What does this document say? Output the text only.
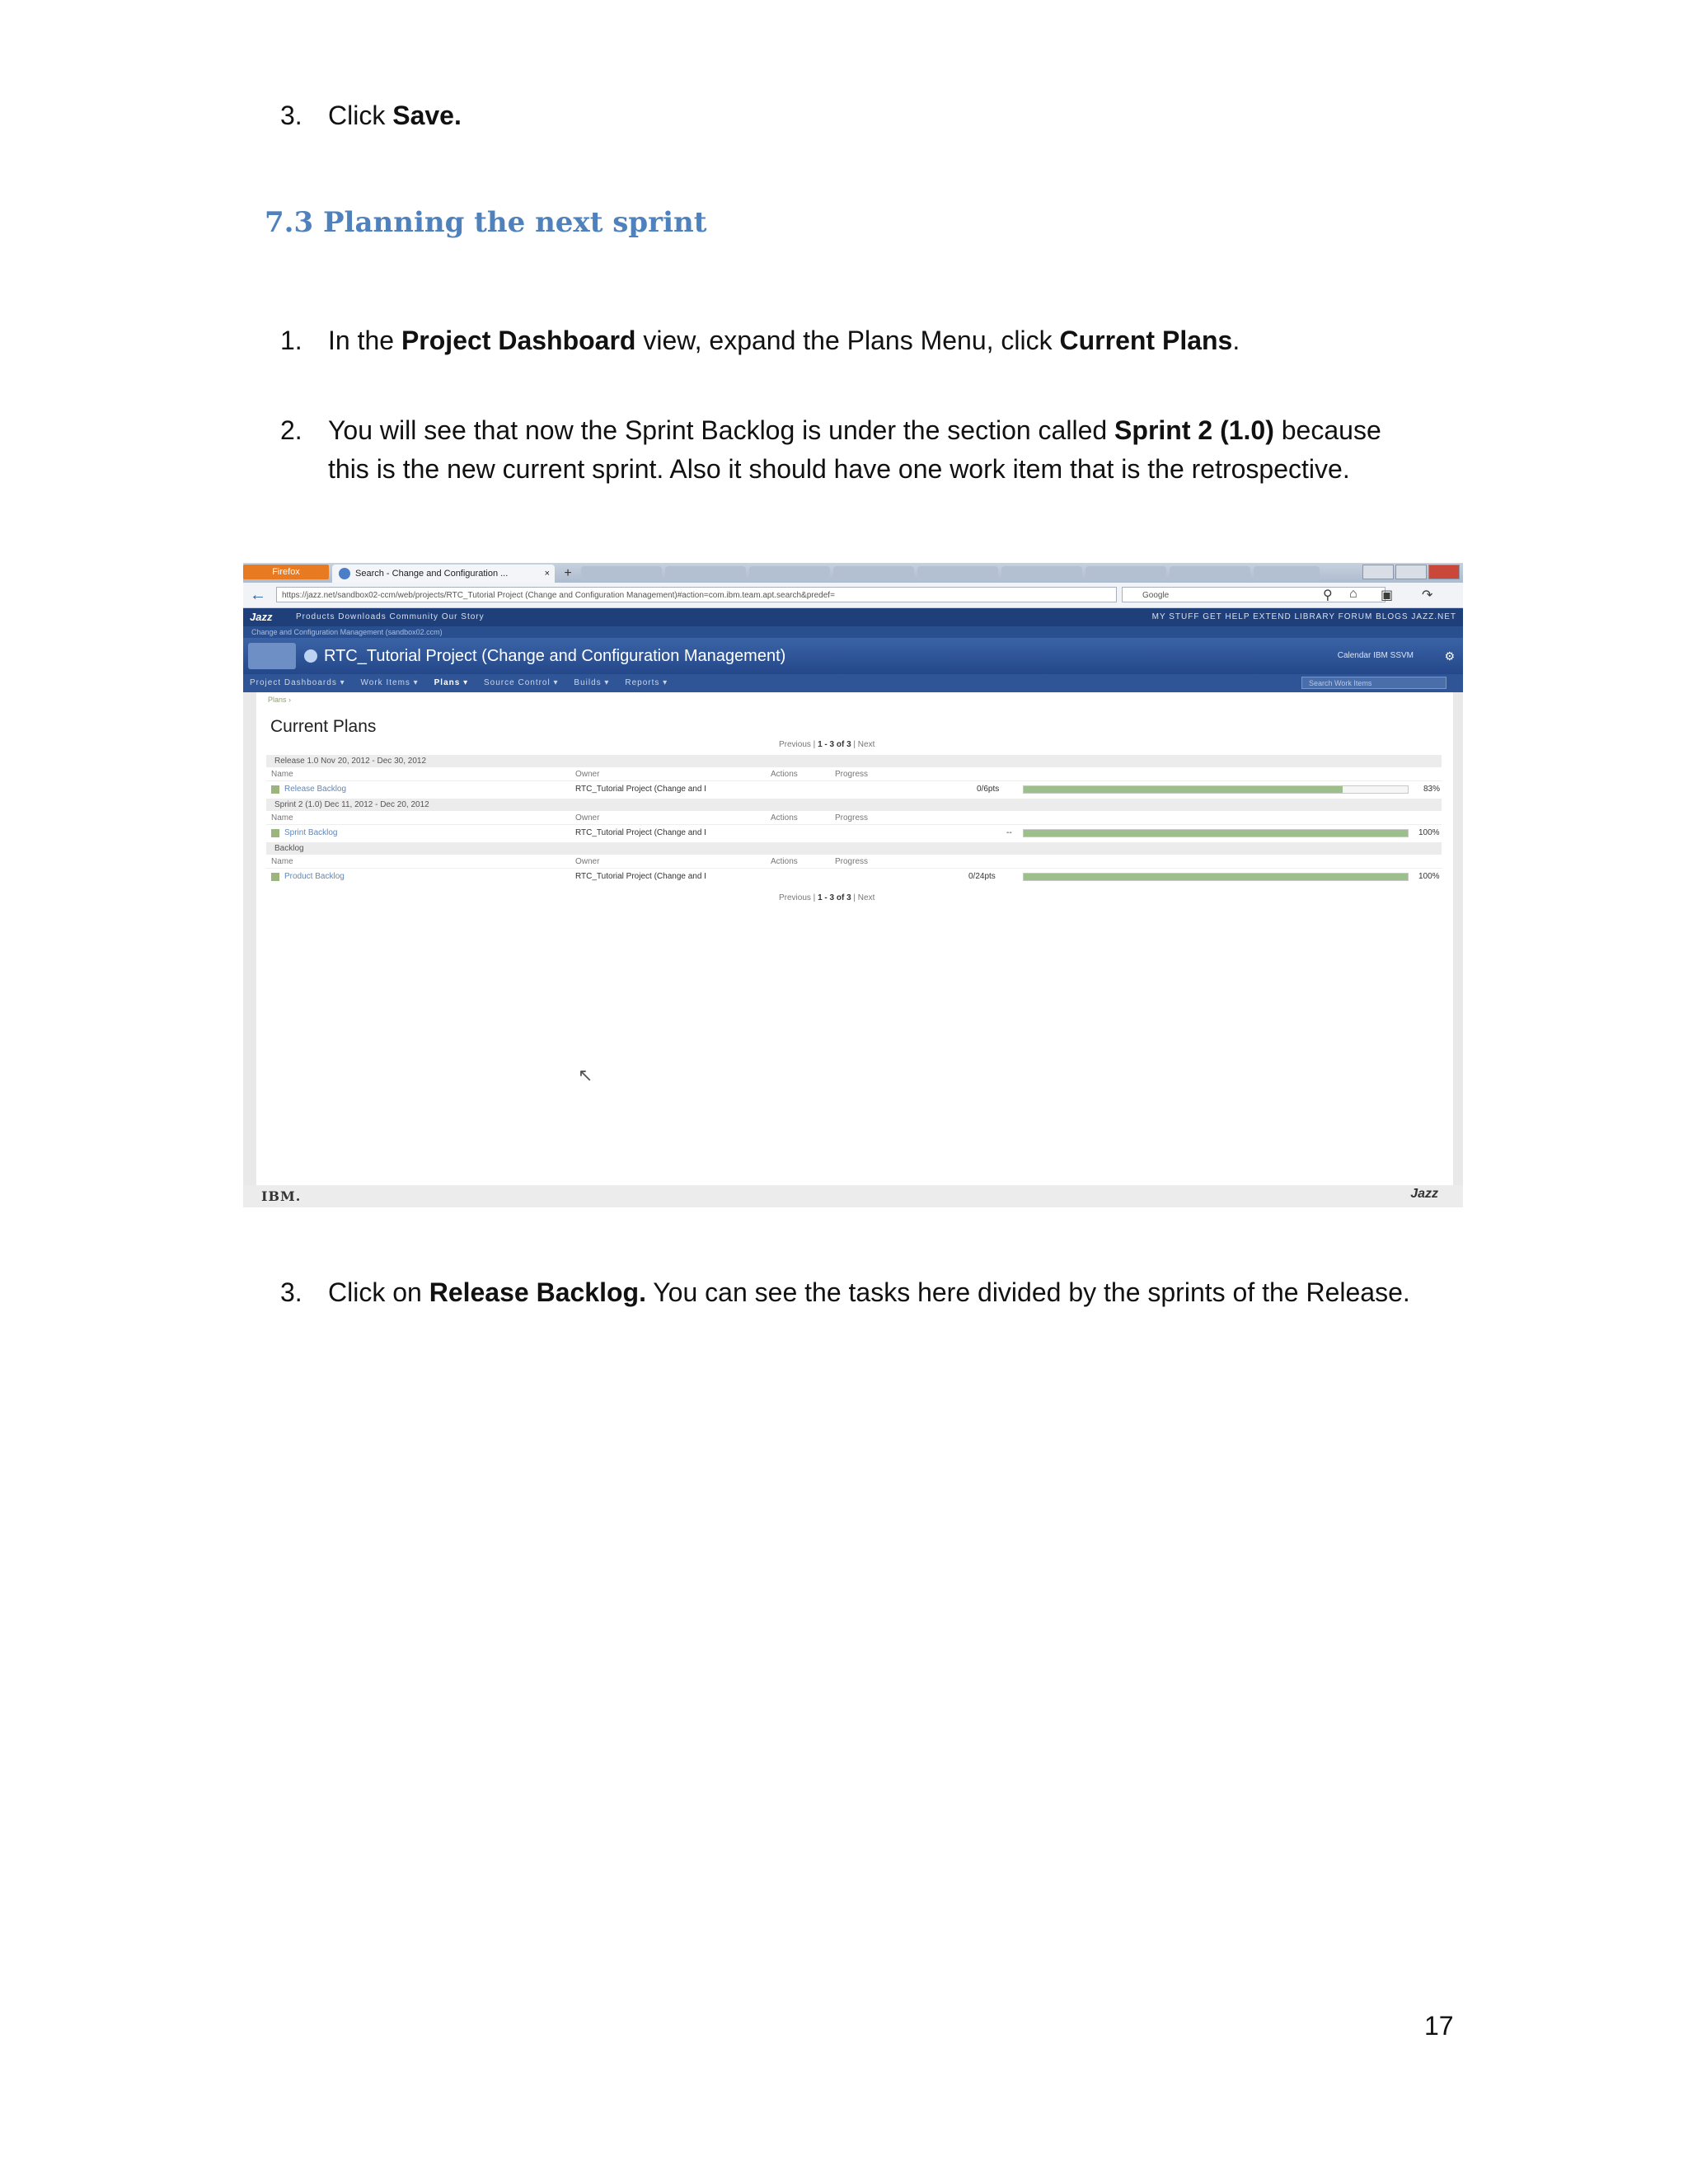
3. Click Save.
7.3 Planning the next sprint
1. In the Project Dashboard view, expand the Plans Menu, click Current Plans.
2. You will see that now the Sprint Backlog is under the section called Sprint 2 (1.0) because
this is the new current sprint. Also it should have one work item that is the retrospective.
Firefox	Search - Change and Configuration ...	×	+
←	https://jazz.net/sandbox02-ccm/web/projects/RTC_Tutorial Project (Change and Configuration Management)#action=com.ibm.team.apt.search&predef=	Google	⚲ ⌂ ▣ ↷
Jazz	Products Downloads Community Our Story	MY STUFF GET HELP EXTEND LIBRARY FORUM BLOGS JAZZ.NET
Change and Configuration Management (sandbox02.ccm)
RTC_Tutorial Project (Change and Configuration Management)	Calendar IBM SSVM	⚙
Project Dashboards ▾ Work Items ▾ Plans ▾ Source Control ▾ Builds ▾ Reports ▾	Search Work Items
Plans ›
Current Plans
Previous | 1 - 3 of 3 | Next
Release 1.0 Nov 20, 2012 - Dec 30, 2012
Name	Owner	Actions	Progress
Release Backlog	RTC_Tutorial Project (Change and I	0/6pts	83%
Sprint 2 (1.0) Dec 11, 2012 - Dec 20, 2012
Name	Owner	Actions	Progress
Sprint Backlog	RTC_Tutorial Project (Change and I	--	100%
Backlog
Name	Owner	Actions	Progress
Product Backlog	RTC_Tutorial Project (Change and I	0/24pts	100%
Previous | 1 - 3 of 3 | Next
↖
IBM.	Jazz
3. Click on Release Backlog. You can see the tasks here divided by the sprints of the Release.
17
